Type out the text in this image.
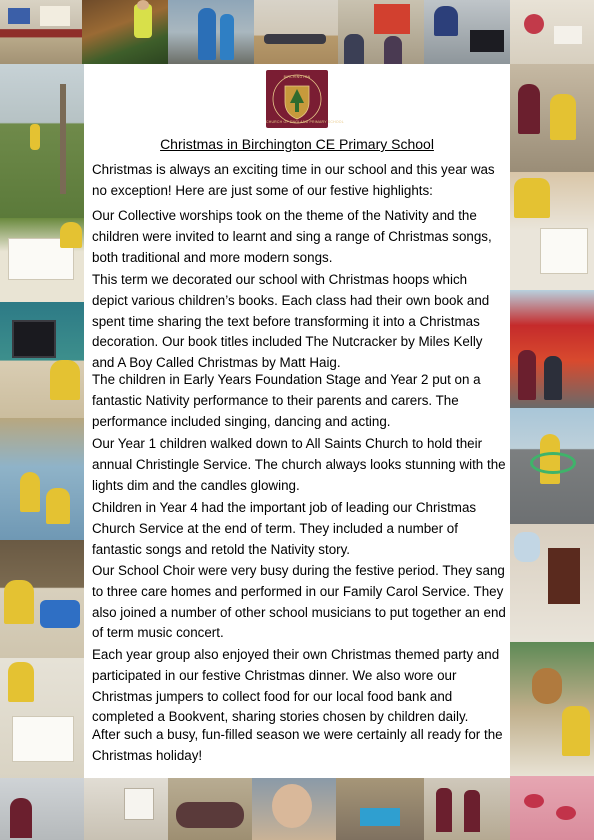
BIRCHINGTON
CHURCH OF ENGLAND PRIMARY SCHOOL
Christmas in Birchington CE Primary School

Christmas is always an exciting time in our school and this year was no exception! Here are just some of our festive highlights:

Our Collective worships took on the theme of the Nativity and the children were invited to learnt and sing a range of Christmas songs, both traditional and more modern songs.

This term we decorated our school with Christmas hoops which depict various children’s books. Each class had their own book and spent time sharing the text before transforming it into a Christmas decoration. Our book titles included The Nutcracker by Miles Kelly and A Boy Called Christmas by Matt Haig.

The children in Early Years Foundation Stage and Year 2 put on a fantastic Nativity performance to their parents and carers. The performance included singing, dancing and acting.

Our Year 1 children walked down to All Saints Church to hold their annual Christingle Service. The church always looks stunning with the lights dim and the candles glowing.

Children in Year 4 had the important job of leading our Christmas Church Service at the end of term. They included a number of fantastic songs and retold the Nativity story.

Our School Choir were very busy during the festive period. They sang to three care homes and performed in our Family Carol Service. They also joined a number of other school musicians to put together an end of term music concert.

Each year group also enjoyed their own Christmas themed party and participated in our festive Christmas dinner. We also wore our Christmas jumpers to collect food for our local food bank and completed a Bookvent, sharing stories chosen by children daily.

After such a busy, fun-filled season we were certainly all ready for the Christmas holiday!
